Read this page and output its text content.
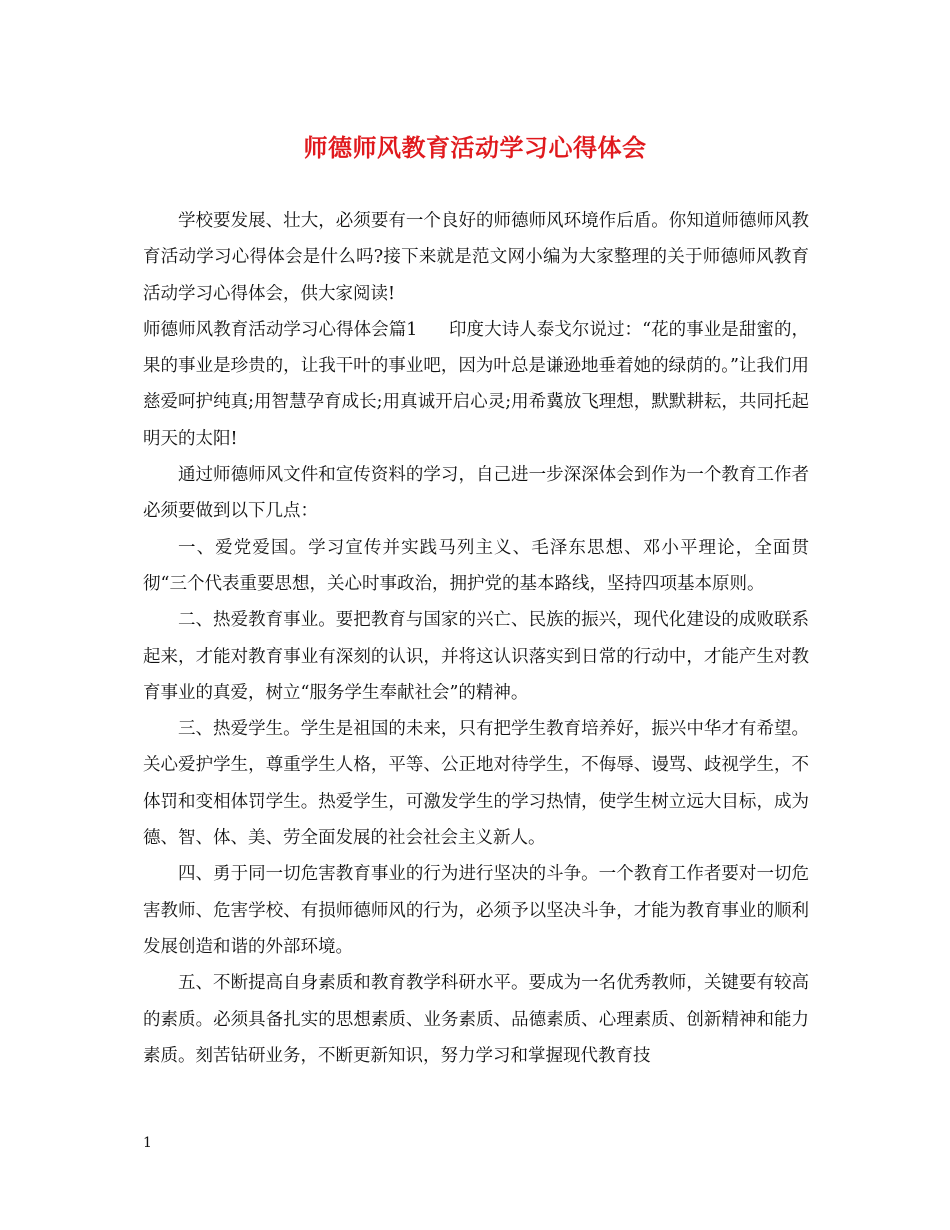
师德师风教育活动学习心得体会

学校要发展、壮大，必须要有一个良好的师德师风环境作后盾。你知道师德师风教育活动学习心得体会是什么吗?接下来就是范文网小编为大家整理的关于师德师风教育活动学习心得体会，供大家阅读!

师德师风教育活动学习心得体会篇1 印度大诗人泰戈尔说过：“花的事业是甜蜜的，果的事业是珍贵的，让我干叶的事业吧，因为叶总是谦逊地垂着她的绿荫的。”让我们用慈爱呵护纯真;用智慧孕育成长;用真诚开启心灵;用希冀放飞理想，默默耕耘，共同托起明天的太阳!

通过师德师风文件和宣传资料的学习，自己进一步深深体会到作为一个教育工作者必须要做到以下几点：

一、爱党爱国。学习宣传并实践马列主义、毛泽东思想、邓小平理论，全面贯彻“三个代表重要思想，关心时事政治，拥护党的基本路线，坚持四项基本原则。

二、热爱教育事业。要把教育与国家的兴亡、民族的振兴，现代化建设的成败联系起来，才能对教育事业有深刻的认识，并将这认识落实到日常的行动中，才能产生对教育事业的真爱，树立“服务学生奉献社会”的精神。

三、热爱学生。学生是祖国的未来，只有把学生教育培养好，振兴中华才有希望。关心爱护学生，尊重学生人格，平等、公正地对待学生，不侮辱、谩骂、歧视学生，不体罚和变相体罚学生。热爱学生，可激发学生的学习热情，使学生树立远大目标，成为德、智、体、美、劳全面发展的社会社会主义新人。

四、勇于同一切危害教育事业的行为进行坚决的斗争。一个教育工作者要对一切危害教师、危害学校、有损师德师风的行为，必须予以坚决斗争，才能为教育事业的顺利发展创造和谐的外部环境。

五、不断提高自身素质和教育教学科研水平。要成为一名优秀教师，关键要有较高的素质。必须具备扎实的思想素质、业务素质、品德素质、心理素质、创新精神和能力素质。刻苦钻研业务，不断更新知识，努力学习和掌握现代教育技

1
